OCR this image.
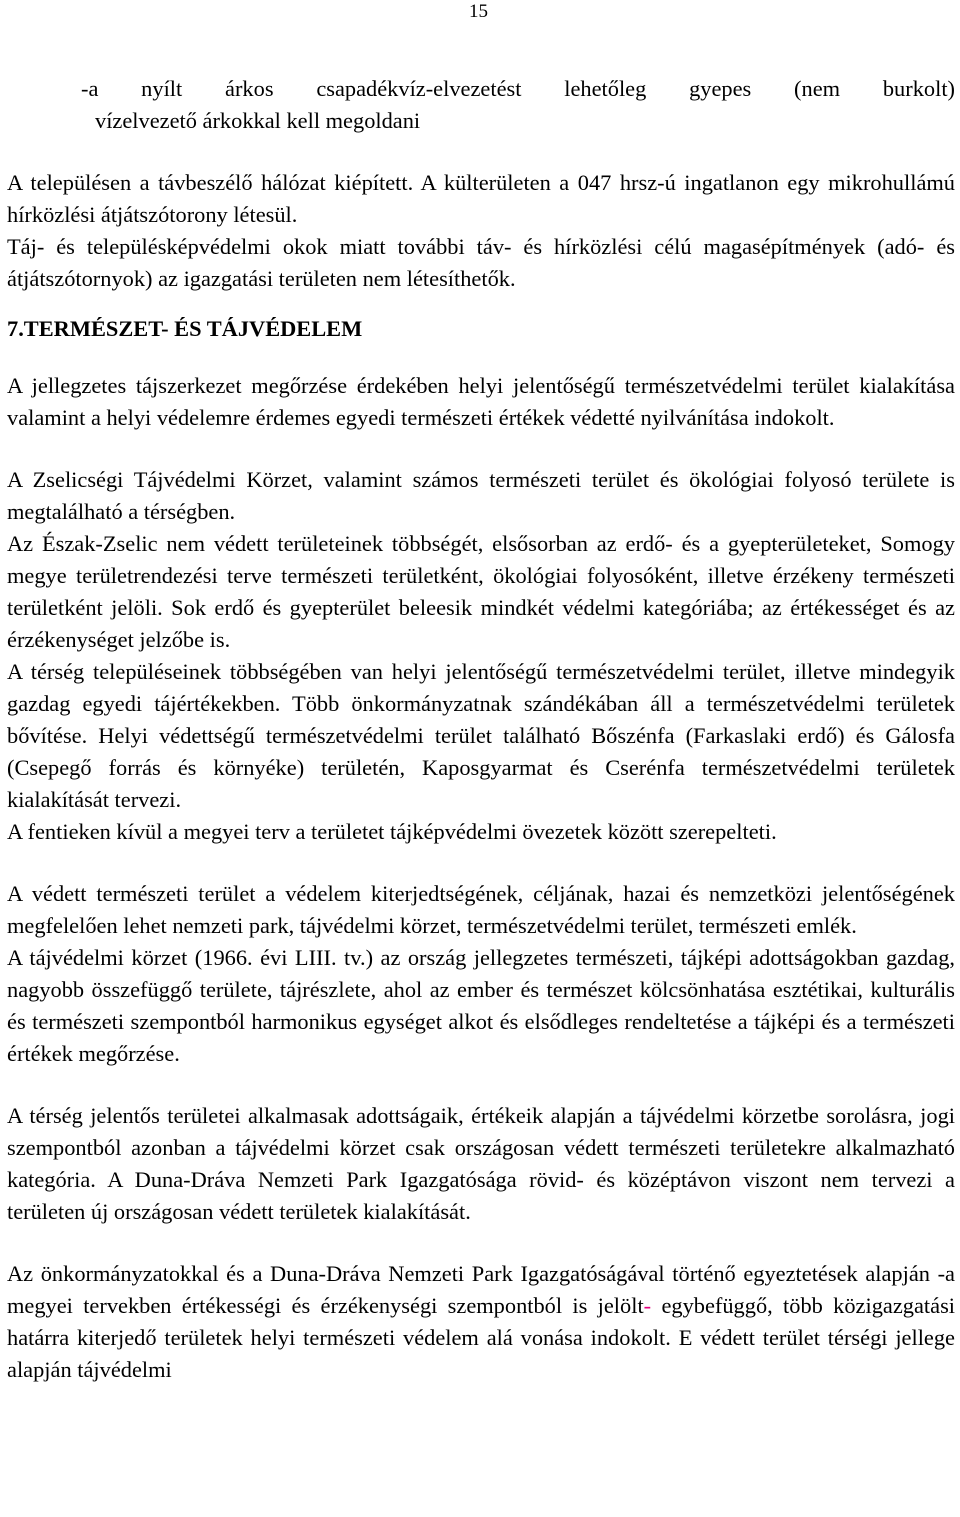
15

-a nyílt árkos csapadékvíz-elvezetést lehetőleg gyepes (nem burkolt)

vízelvezető árkokkal kell megoldani

A településen a távbeszélő hálózat kiépített. A külterületen a 047 hrsz-ú ingatlanon egy mikrohullámú hírközlési átjátszótorony létesül.

Táj- és településképvédelmi okok miatt további táv- és hírközlési célú magasépítmények (adó- és átjátszótornyok) az igazgatási területen nem létesíthetők.

7.TERMÉSZET- ÉS TÁJVÉDELEM

A jellegzetes tájszerkezet megőrzése érdekében helyi jelentőségű természetvédelmi terület kialakítása valamint a helyi védelemre érdemes egyedi természeti értékek védetté nyilvánítása indokolt.

A Zselicségi Tájvédelmi Körzet, valamint számos természeti terület és ökológiai folyosó területe is megtalálható a térségben.

Az Észak-Zselic nem védett területeinek többségét, elsősorban az erdő- és a gyepterületeket, Somogy megye területrendezési terve természeti területként, ökológiai folyosóként, illetve érzékeny természeti területként jelöli. Sok erdő és gyepterület beleesik mindkét védelmi kategóriába; az értékességet és az érzékenységet jelzőbe is.

A térség településeinek többségében van helyi jelentőségű természetvédelmi terület, illetve mindegyik gazdag egyedi tájértékekben. Több önkormányzatnak szándékában áll a természetvédelmi területek bővítése. Helyi védettségű természetvédelmi terület található Bőszénfa (Farkaslaki erdő) és Gálosfa (Csepegő forrás és környéke) területén, Kaposgyarmat és Cserénfa természetvédelmi területek kialakítását tervezi.

A fentieken kívül a megyei terv a területet tájképvédelmi övezetek között szerepelteti.

A védett természeti terület a védelem kiterjedtségének, céljának, hazai és nemzetközi jelentőségének megfelelően lehet nemzeti park, tájvédelmi körzet, természetvédelmi terület, természeti emlék.

A tájvédelmi körzet (1966. évi LIII. tv.) az ország jellegzetes természeti, tájképi adottságokban gazdag, nagyobb összefüggő területe, tájrészlete, ahol az ember és természet kölcsönhatása esztétikai, kulturális és természeti szempontból harmonikus egységet alkot és elsődleges rendeltetése a tájképi és a természeti értékek megőrzése.

A térség jelentős területei alkalmasak adottságaik, értékeik alapján a tájvédelmi körzetbe sorolásra, jogi szempontból azonban a tájvédelmi körzet csak országosan védett természeti területekre alkalmazható kategória. A Duna-Dráva Nemzeti Park Igazgatósága rövid- és középtávon viszont nem tervezi a területen új országosan védett területek kialakítását.

Az önkormányzatokkal és a Duna-Dráva Nemzeti Park Igazgatóságával történő egyeztetések alapján -a megyei tervekben értékességi és érzékenységi szempontból is jelölt- egybefüggő, több közigazgatási határra kiterjedő területek helyi természeti védelem alá vonása indokolt. E védett terület térségi jellege alapján tájvédelmi
